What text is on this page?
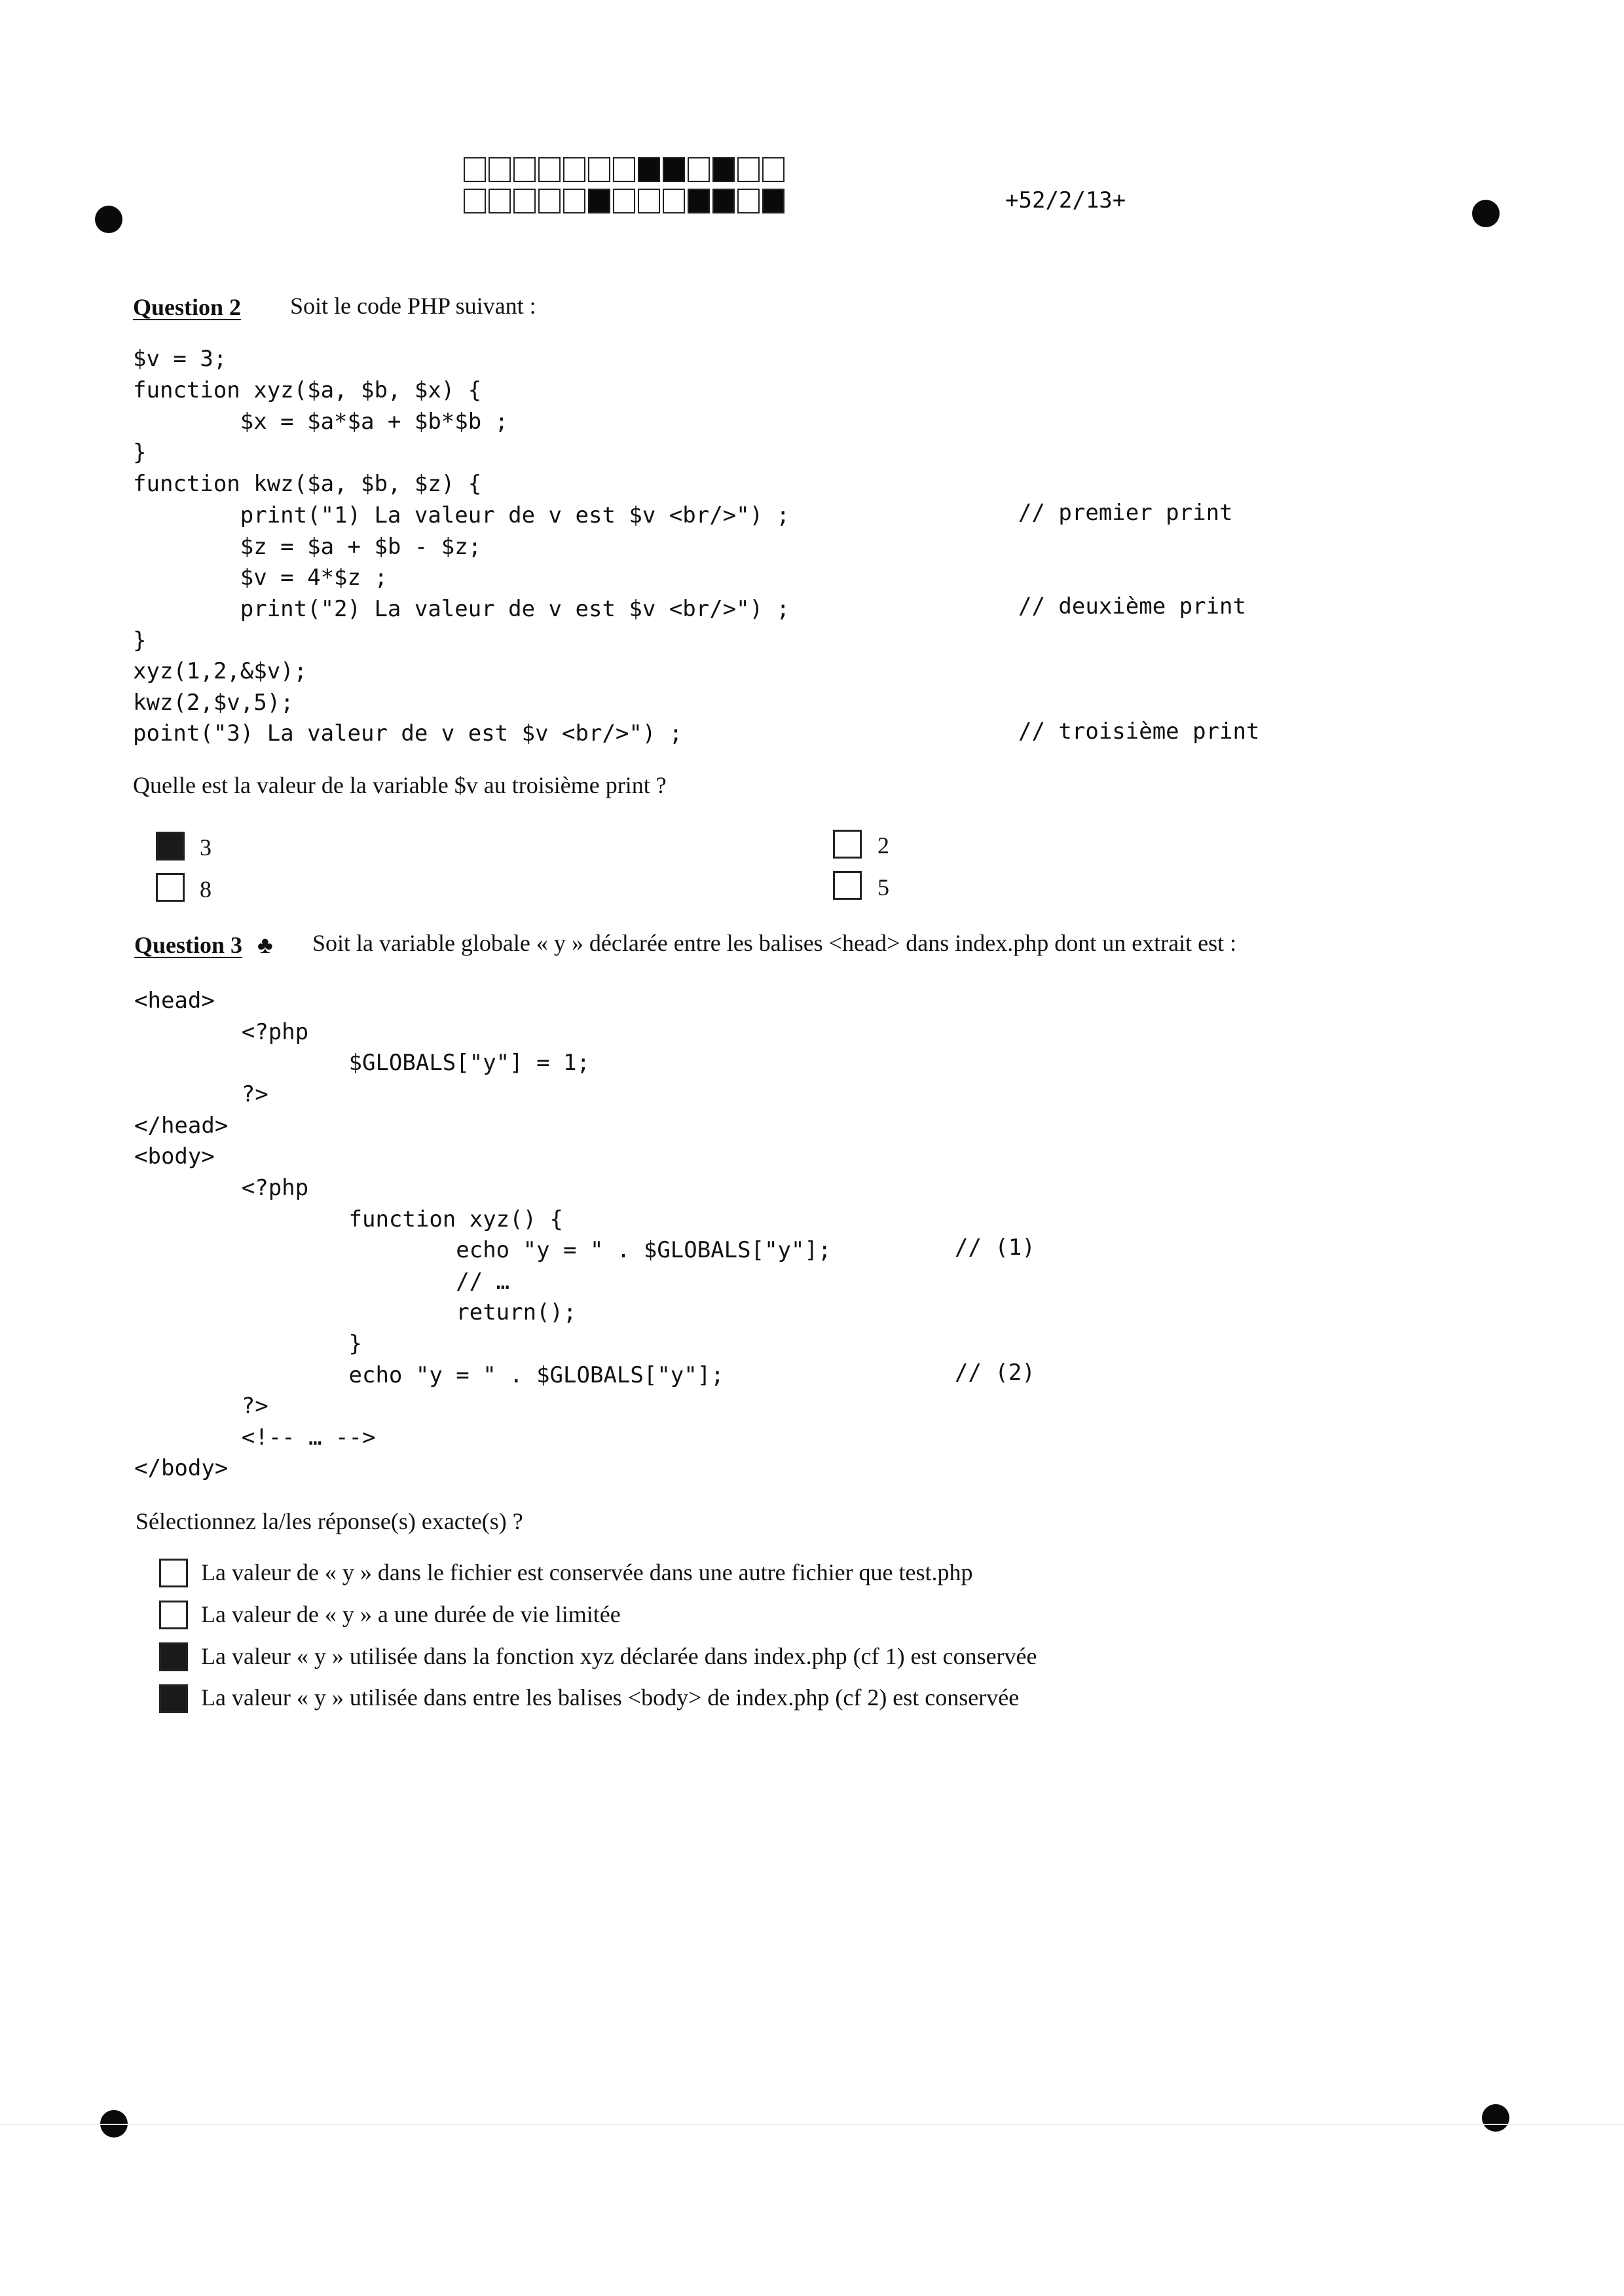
+52/2/13+
Question 2 Soit le code PHP suivant :
$v = 3;
function xyz($a, $b, $x) {
$x = $a*$a + $b*$b ;
}
function kwz($a, $b, $z) {
print("1) La valeur de v est $v <br/>") ;
$z = $a + $b - $z;
$v = 4*$z ;
print("2) La valeur de v est $v <br/>") ;
}
xyz(1,2,&$v);
kwz(2,$v,5);
point("3) La valeur de v est $v <br/>") ;
// premier print
// deuxième print
// troisième print
Quelle est la valeur de la variable $v au troisième print ?
3	2
8	5
Question 3 ♣ Soit la variable globale « y » déclarée entre les balises <head> dans index.php dont un extrait est :
<head>
<?php
$GLOBALS["y"] = 1;
?>
</head>
<body>
<?php
function xyz() {
echo "y = " . $GLOBALS["y"];
// …
return();
}
echo "y = " . $GLOBALS["y"];
?>
<!-- … -->
</body>
// (1)
// (2)
Sélectionnez la/les réponse(s) exacte(s) ?
La valeur de « y » dans le fichier est conservée dans une autre fichier que test.php
La valeur de « y » a une durée de vie limitée
La valeur « y » utilisée dans la fonction xyz déclarée dans index.php (cf 1) est conservée
La valeur « y » utilisée dans entre les balises <body> de index.php (cf 2) est conservée
